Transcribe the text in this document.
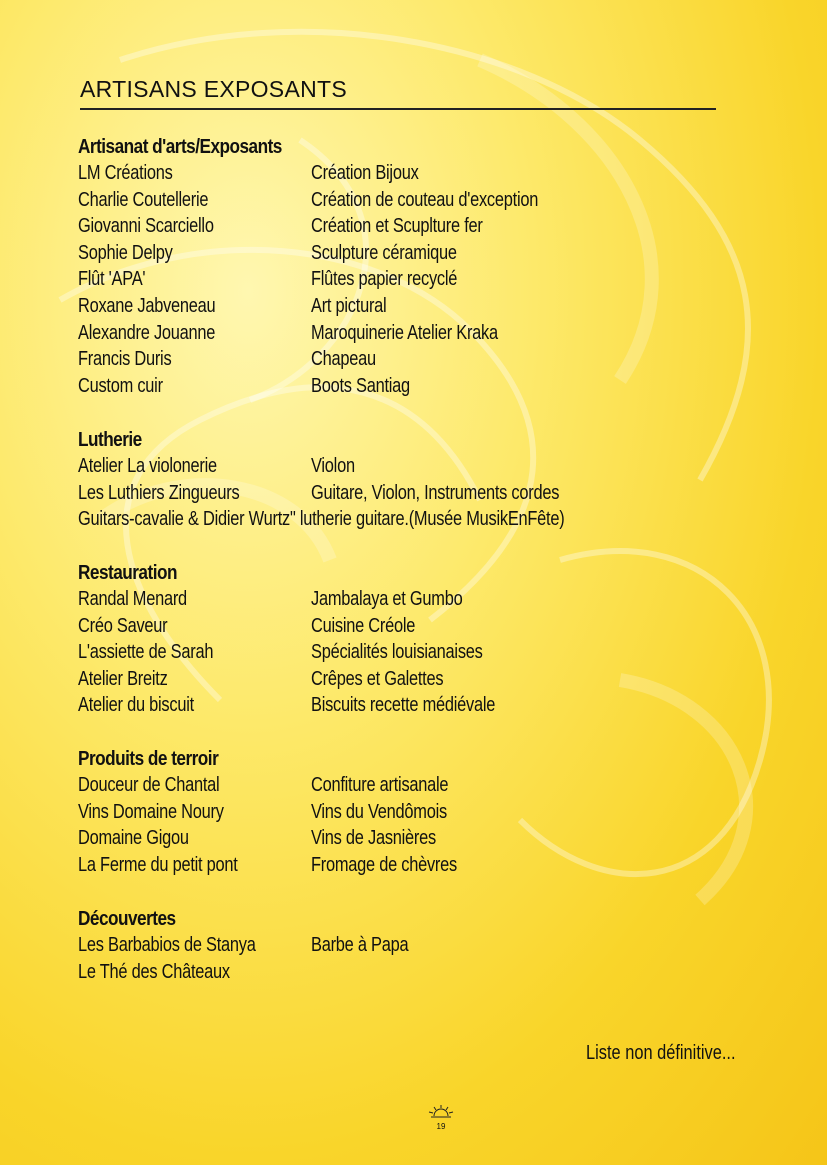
ARTISANS EXPOSANTS
Artisanat d'arts/Exposants
LM Créations	Création Bijoux
Charlie Coutellerie	Création de couteau d'exception
Giovanni Scarciello	Création et Scuplture fer
Sophie Delpy	Sculpture céramique
Flût 'APA'	Flûtes papier recyclé
Roxane Jabveneau	Art pictural
Alexandre Jouanne	Maroquinerie Atelier Kraka
Francis Duris	Chapeau
Custom cuir	Boots Santiag
Lutherie
Atelier La violonerie	Violon
Les Luthiers Zingueurs	Guitare, Violon, Instruments cordes
Guitars-cavalie & Didier Wurtz" lutherie guitare.(Musée MusikEnFête)
Restauration
Randal Menard	Jambalaya et Gumbo
Créo Saveur	Cuisine Créole
L'assiette de Sarah	Spécialités louisianaises
Atelier Breitz	Crêpes et Galettes
Atelier du biscuit	Biscuits recette médiévale
Produits de terroir
Douceur de Chantal	Confiture artisanale
Vins Domaine Noury	Vins du Vendômois
Domaine Gigou	Vins de Jasnières
La Ferme du petit pont	Fromage de chèvres
Découvertes
Les Barbabios de Stanya	Barbe à Papa
Le Thé des Châteaux
Liste non définitive...
19
